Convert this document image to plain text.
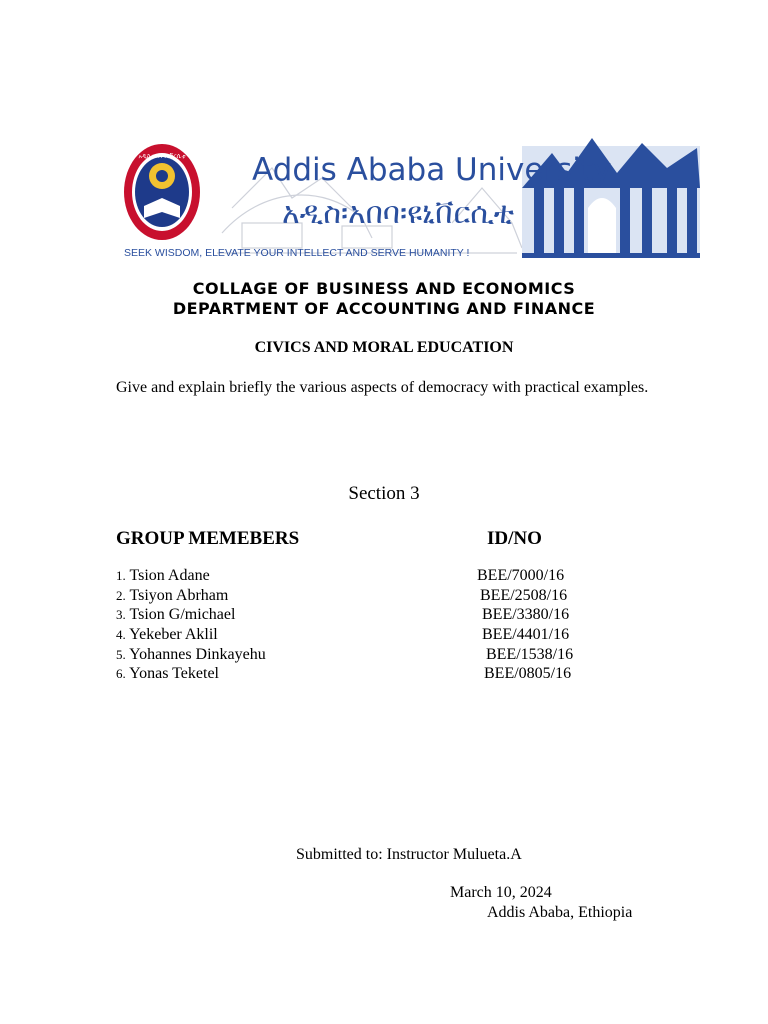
አዲስ አበባ ዩኒቨርሲቲ Addis Ababa University
አዲስ፡አበባ፡ዩኒቨርሲቲ
SEEK WISDOM, ELEVATE YOUR INTELLECT AND SERVE HUMANITY !
COLLAGE OF BUSINESS AND ECONOMICS
DEPARTMENT OF ACCOUNTING AND FINANCE
CIVICS AND MORAL EDUCATION
Give and explain briefly the various aspects of democracy with practical examples.
Section 3
GROUP MEMEBERS	ID/NO
1. Tsion Adane	BEE/7000/16
2. Tsiyon Abrham	BEE/2508/16
3. Tsion G/michael	BEE/3380/16
4. Yekeber Aklil	BEE/4401/16
5. Yohannes Dinkayehu	BEE/1538/16
6. Yonas Teketel	BEE/0805/16
Submitted to: Instructor Mulueta.A
March 10, 2024
Addis Ababa, Ethiopia
